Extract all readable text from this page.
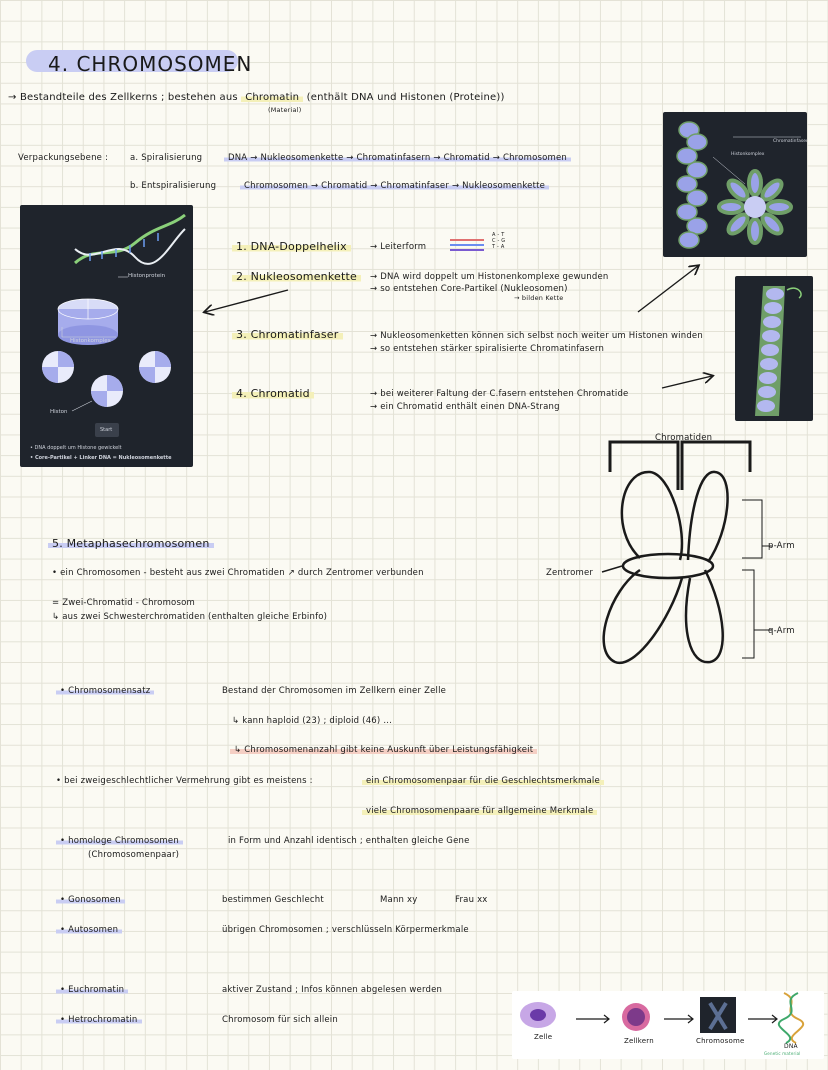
4. CHROMOSOMEN
→ Bestandteile des Zellkerns ; bestehen aus Chromatin (enthält DNA und Histonen (Proteine))
(Material)
Verpackungsebene :	a. Spiralisierung	DNA → Nukleosomenkette → Chromatinfasern → Chromatid → Chromosomen
b. Entspiralisierung	Chromosomen → Chromatid → Chromatinfaser → Nukleosomenkette
Histonprotein
Histonkomplex
Histon
Start
• DNA doppelt um Histone gewickelt
• Core-Partikel + Linker DNA = Nukleosomenkette
1. DNA-Doppelhelix	→ Leiterform
A - T
C - G
T - A
2. Nukleosomenkette	→ DNA wird doppelt um Histonenkomplexe gewunden
→ so entstehen Core-Partikel (Nukleosomen)
→ bilden Kette
3. Chromatinfaser	→ Nukleosomenketten können sich selbst noch weiter um Histonen winden
→ so entstehen stärker spiralisierte Chromatinfasern
4. Chromatid	→ bei weiterer Faltung der C.fasern entstehen Chromatide
→ ein Chromatid enthält einen DNA-Strang
Chromatinfaser
Histonkomplex
5. Metaphasechromosomen
• ein Chromosomen - besteht aus zwei Chromatiden ↗ durch Zentromer verbunden
= Zwei-Chromatid - Chromosom
↳ aus zwei Schwesterchromatiden (enthalten gleiche Erbinfo)
Chromatiden
Zentromer
p-Arm
q-Arm
• Chromosomensatz	Bestand der Chromosomen im Zellkern einer Zelle
↳ kann haploid (23) ; diploid (46) ...
↳ Chromosomenanzahl gibt keine Auskunft über Leistungsfähigkeit
• bei zweigeschlechtlicher Vermehrung gibt es meistens :	ein Chromosomenpaar für die Geschlechtsmerkmale
viele Chromosomenpaare für allgemeine Merkmale
• homologe Chromosomen
(Chromosomenpaar)
in Form und Anzahl identisch ; enthalten gleiche Gene
• Gonosomen	bestimmen Geschlecht	Mann xy	Frau xx
• Autosomen	übrigen Chromosomen ; verschlüsseln Körpermerkmale
• Euchromatin	aktiver Zustand ; Infos können abgelesen werden
• Hetrochromatin	Chromosom für sich allein
Zelle	Zellkern	Chromosome
DNA
Genetic material
